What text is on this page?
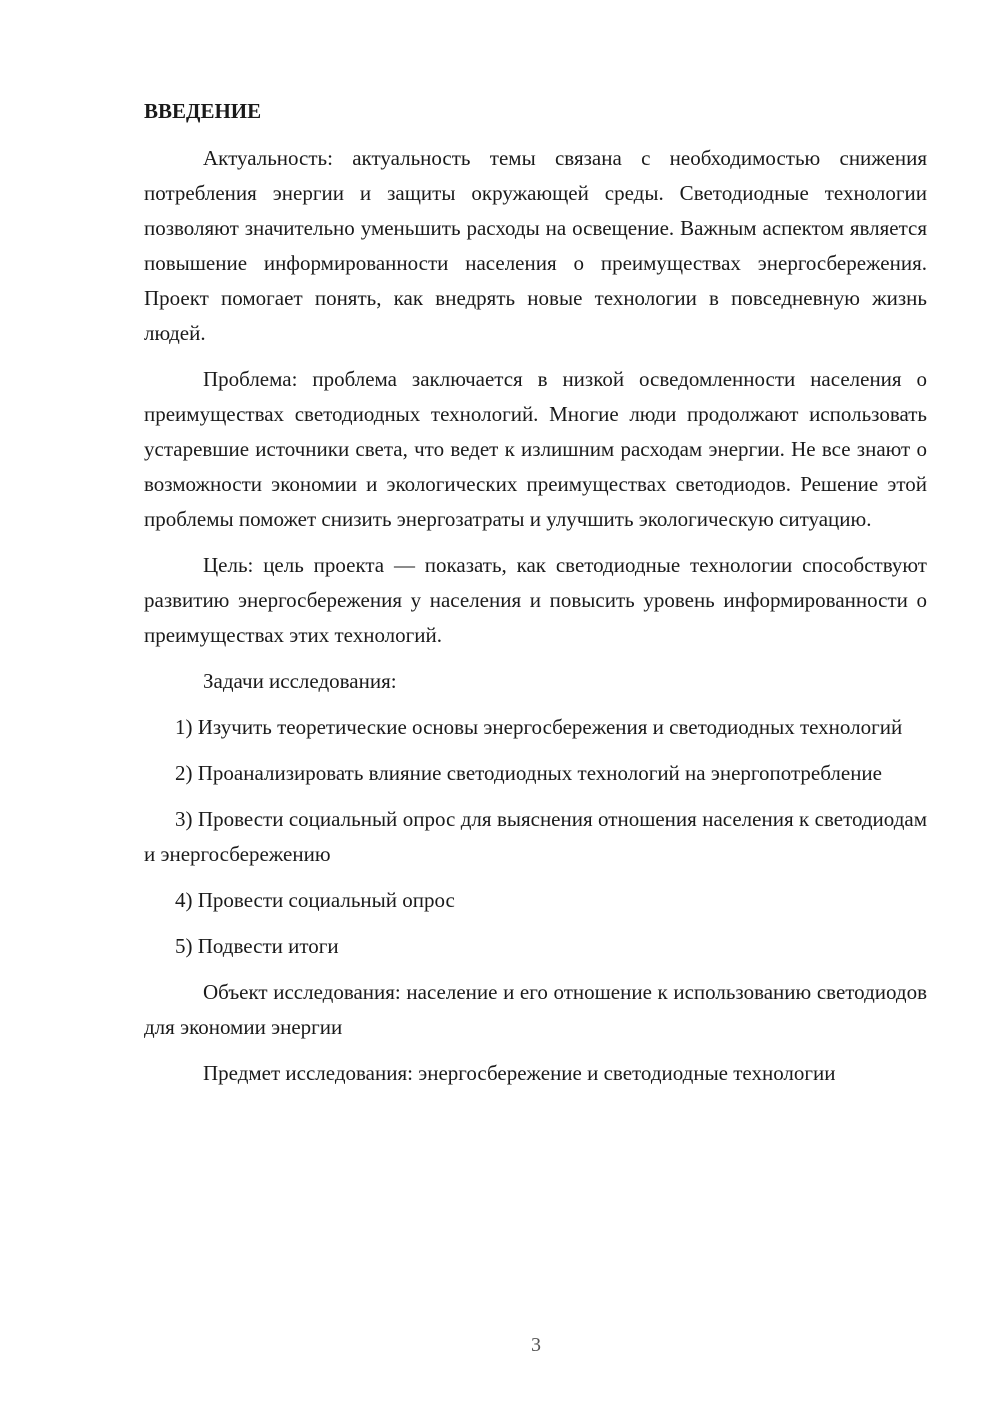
ВВЕДЕНИЕ

Актуальность: актуальность темы связана с необходимостью снижения потребления энергии и защиты окружающей среды. Светодиодные технологии позволяют значительно уменьшить расходы на освещение. Важным аспектом является повышение информированности населения о преимуществах энергосбережения. Проект помогает понять, как внедрять новые технологии в повседневную жизнь людей.

Проблема: проблема заключается в низкой осведомленности населения о преимуществах светодиодных технологий. Многие люди продолжают использовать устаревшие источники света, что ведет к излишним расходам энергии. Не все знают о возможности экономии и экологических преимуществах светодиодов. Решение этой проблемы поможет снизить энергозатраты и улучшить экологическую ситуацию.

Цель: цель проекта — показать, как светодиодные технологии способствуют развитию энергосбережения у населения и повысить уровень информированности о преимуществах этих технологий.

Задачи исследования:

1) Изучить теоретические основы энергосбережения и светодиодных технологий

2) Проанализировать влияние светодиодных технологий на энергопотребление

3) Провести социальный опрос для выяснения отношения населения к светодиодам и энергосбережению

4) Провести социальный опрос

5) Подвести итоги

Объект исследования: население и его отношение к использованию светодиодов для экономии энергии

Предмет исследования: энергосбережение и светодиодные технологии

3
